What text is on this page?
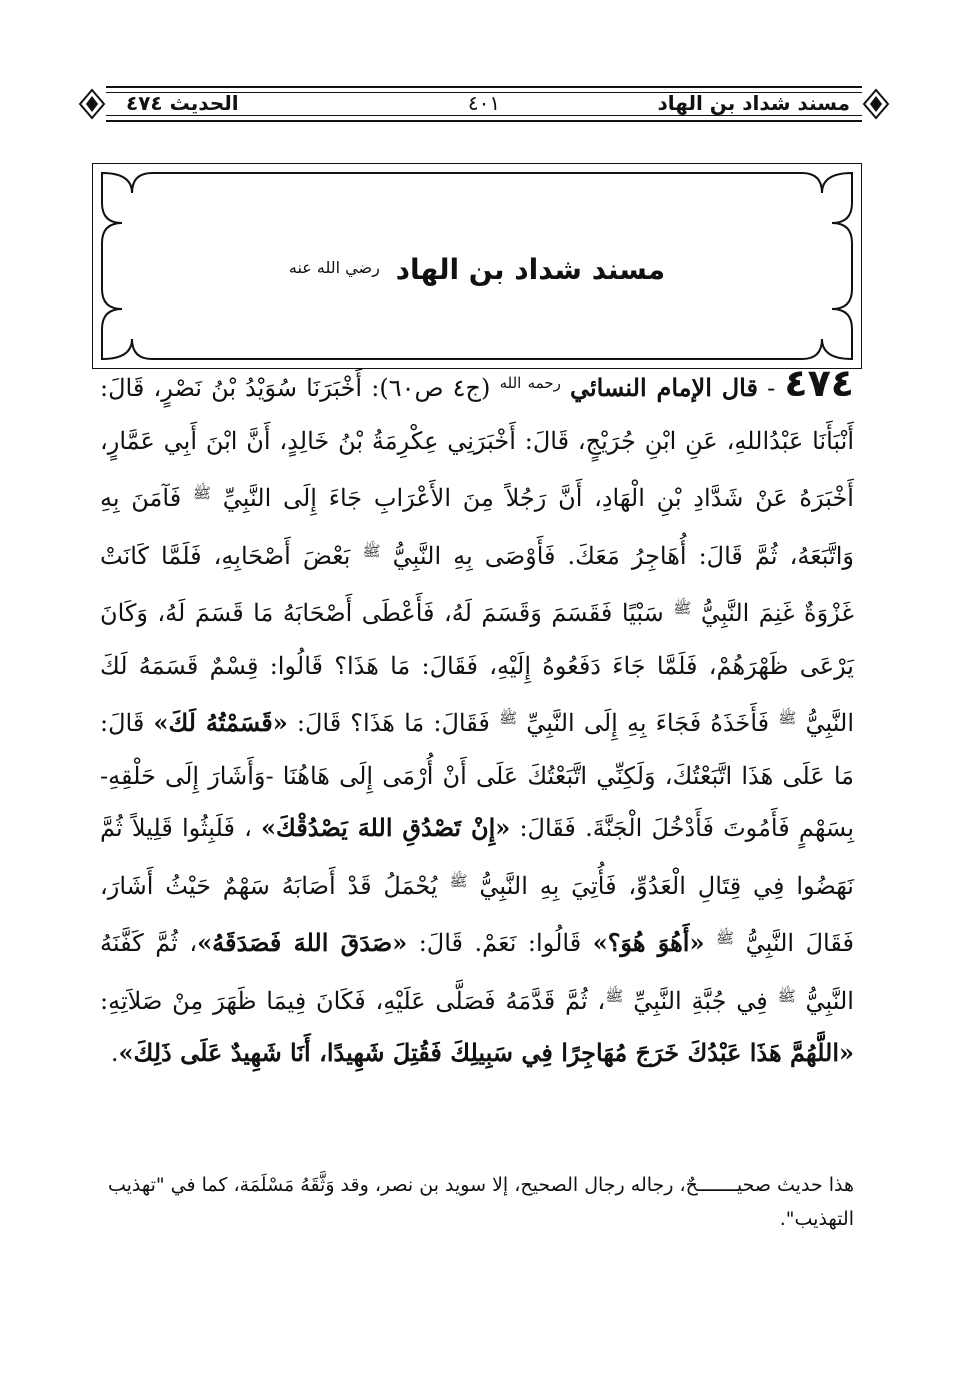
مسند شداد بن الهاد
٤٠١
الحديث ٤٧٤
مسند شداد بن الهاد $^{رضي الله عنه}$
٤٧٤ - قال الإمام النسائي $^{رحمه الله}$ (ج٤ ص٦٠): أَخْبَرَنَا سُوَيْدُ بْنُ نَصْرٍ، قَالَ: أَنْبَأَنَا عَبْدُاللهِ، عَنِ ابْنِ جُرَيْجٍ، قَالَ: أَخْبَرَنِي عِكْرِمَةُ بْنُ خَالِدٍ، أَنَّ ابْنَ أَبِي عَمَّارٍ، أَخْبَرَهُ عَنْ شَدَّادِ بْنِ الْهَادِ، أَنَّ رَجُلاً مِنَ الأَعْرَابِ جَاءَ إِلَى النَّبِيِّ $^ﷺ$ فَآمَنَ بِهِ وَاتَّبَعَهُ، ثُمَّ قَالَ: أُهَاجِرُ مَعَكَ. فَأَوْصَى بِهِ النَّبِيُّ $^ﷺ$ بَعْضَ أَصْحَابِهِ، فَلَمَّا كَانَتْ غَزْوَةٌ غَنِمَ النَّبِيُّ $^ﷺ$ سَبْيًا فَقَسَمَ وَقَسَمَ لَهُ، فَأَعْطَى أَصْحَابَهُ مَا قَسَمَ لَهُ، وَكَانَ يَرْعَى ظَهْرَهُمْ، فَلَمَّا جَاءَ دَفَعُوهُ إِلَيْهِ، فَقَالَ: مَا هَذَا؟ قَالُوا: قِسْمٌ قَسَمَهُ لَكَ النَّبِيُّ $^ﷺ$ فَأَخَذَهُ فَجَاءَ بِهِ إِلَى النَّبِيِّ $^ﷺ$ فَقَالَ: مَا هَذَا؟ قَالَ: «قَسَمْتُهُ لَكَ» قَالَ: مَا عَلَى هَذَا اتَّبَعْتُكَ، وَلَكِنِّي اتَّبَعْتُكَ عَلَى أَنْ أُرْمَى إِلَى هَاهُنَا -وَأَشَارَ إِلَى حَلْقِهِ- بِسَهْمٍ فَأَمُوتَ فَأَدْخُلَ الْجَنَّةَ. فَقَالَ: «إِنْ تَصْدُقِ اللهَ يَصْدُقْكَ» ، فَلَبِثُوا قَلِيلاً ثُمَّ نَهَضُوا فِي قِتَالِ الْعَدُوِّ، فَأُتِيَ بِهِ النَّبِيُّ $^ﷺ$ يُحْمَلُ قَدْ أَصَابَهُ سَهْمٌ حَيْثُ أَشَارَ، فَقَالَ النَّبِيُّ $^ﷺ$ «أَهُوَ هُوَ؟» قَالُوا: نَعَمْ. قَالَ: «صَدَقَ اللهَ فَصَدَقَهُ»، ثُمَّ كَفَّنَهُ النَّبِيُّ $^ﷺ$ فِي جُبَّةِ النَّبِيِّ $^ﷺ$، ثُمَّ قَدَّمَهُ فَصَلَّى عَلَيْهِ، فَكَانَ فِيمَا ظَهَرَ مِنْ صَلاَتِهِ: «اللَّهُمَّ هَذَا عَبْدُكَ خَرَجَ مُهَاجِرًا فِي سَبِيلِكَ فَقُتِلَ شَهِيدًا، أَنَا شَهِيدٌ عَلَى ذَلِكَ».
هذا حديث صحيـــــــحٌ، رجاله رجال الصحيح، إلا سويد بن نصر، وقد وَثَّقَهُ مَسْلَمَة، كما في "تهذيب التهذيب".
